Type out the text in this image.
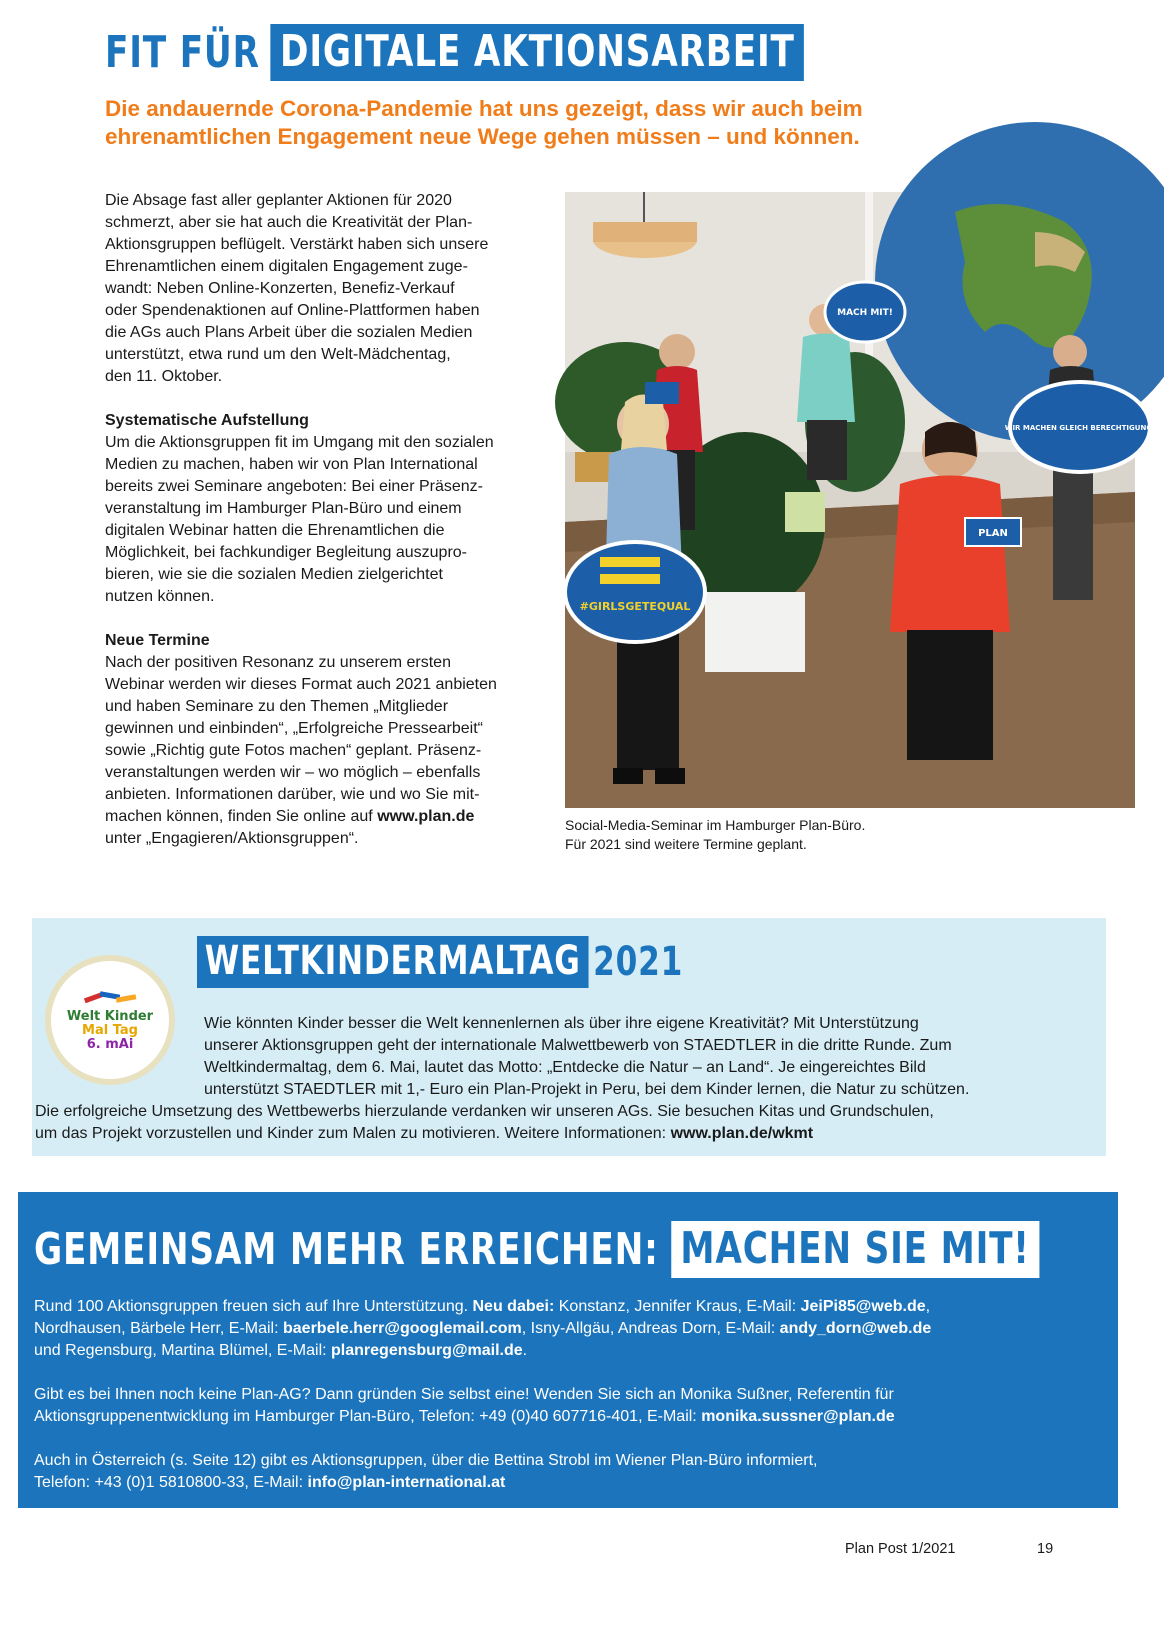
FIT FÜR DIGITALE AKTIONSARBEIT
Die andauernde Corona-Pandemie hat uns gezeigt, dass wir auch beim
ehrenamtlichen Engagement neue Wege gehen müssen – und können.
Die Absage fast aller geplanter Aktionen für 2020
schmerzt, aber sie hat auch die Kreativität der Plan-
Aktionsgruppen beflügelt. Verstärkt haben sich unsere
Ehrenamtlichen einem digitalen Engagement zuge-
wandt: Neben Online-Konzerten, Benefiz-Verkauf
oder Spendenaktionen auf Online-Plattformen haben
die AGs auch Plans Arbeit über die sozialen Medien
unterstützt, etwa rund um den Welt-Mädchentag,
den 11. Oktober.
Systematische Aufstellung
Um die Aktionsgruppen fit im Umgang mit den sozialen
Medien zu machen, haben wir von Plan International
bereits zwei Seminare angeboten: Bei einer Präsenz-
veranstaltung im Hamburger Plan-Büro und einem
digitalen Webinar hatten die Ehrenamtlichen die
Möglichkeit, bei fachkundiger Begleitung auszupro-
bieren, wie sie die sozialen Medien zielgerichtet
nutzen können.
Neue Termine
Nach der positiven Resonanz zu unserem ersten
Webinar werden wir dieses Format auch 2021 anbieten
und haben Seminare zu den Themen „Mitglieder
gewinnen und einbinden“, „Erfolgreiche Pressearbeit“
sowie „Richtig gute Fotos machen“ geplant. Präsenz-
veranstaltungen werden wir – wo möglich – ebenfalls
anbieten. Informationen darüber, wie und wo Sie mit-
machen können, finden Sie online auf www.plan.de
unter „Engagieren/Aktionsgruppen“.
#GIRLSGETEQUAL
WIR MACHEN GLEICH BERECHTIGUNG!
MACH MIT!
PLAN
Social-Media-Seminar im Hamburger Plan-Büro.
Für 2021 sind weitere Termine geplant.
Welt Kinder
Mal Tag
6. mAi
WELTKINDERMALTAG 2021
Wie könnten Kinder besser die Welt kennenlernen als über ihre eigene Kreativität? Mit Unterstützung
unserer Aktionsgruppen geht der internationale Malwettbewerb von STAEDTLER in die dritte Runde. Zum
Weltkindermaltag, dem 6. Mai, lautet das Motto: „Entdecke die Natur – an Land“. Je eingereichtes Bild
unterstützt STAEDTLER mit 1,- Euro ein Plan-Projekt in Peru, bei dem Kinder lernen, die Natur zu schützen.
Die erfolgreiche Umsetzung des Wettbewerbs hierzulande verdanken wir unseren AGs. Sie besuchen Kitas und Grundschulen,
um das Projekt vorzustellen und Kinder zum Malen zu motivieren. Weitere Informationen: www.plan.de/wkmt
GEMEINSAM MEHR ERREICHEN: MACHEN SIE MIT!
Rund 100 Aktionsgruppen freuen sich auf Ihre Unterstützung. Neu dabei: Konstanz, Jennifer Kraus, E-Mail: JeiPi85@web.de,
Nordhausen, Bärbele Herr, E-Mail: baerbele.herr@googlemail.com, Isny-Allgäu, Andreas Dorn, E-Mail: andy_dorn@web.de
und Regensburg, Martina Blümel, E-Mail: planregensburg@mail.de.
Gibt es bei Ihnen noch keine Plan-AG? Dann gründen Sie selbst eine! Wenden Sie sich an Monika Sußner, Referentin für
Aktionsgruppenentwicklung im Hamburger Plan-Büro, Telefon: +49 (0)40 607716-401, E-Mail: monika.sussner@plan.de
Auch in Österreich (s. Seite 12) gibt es Aktionsgruppen, über die Bettina Strobl im Wiener Plan-Büro informiert,
Telefon: +43 (0)1 5810800-33, E-Mail: info@plan-international.at
Plan Post 1/2021	19
